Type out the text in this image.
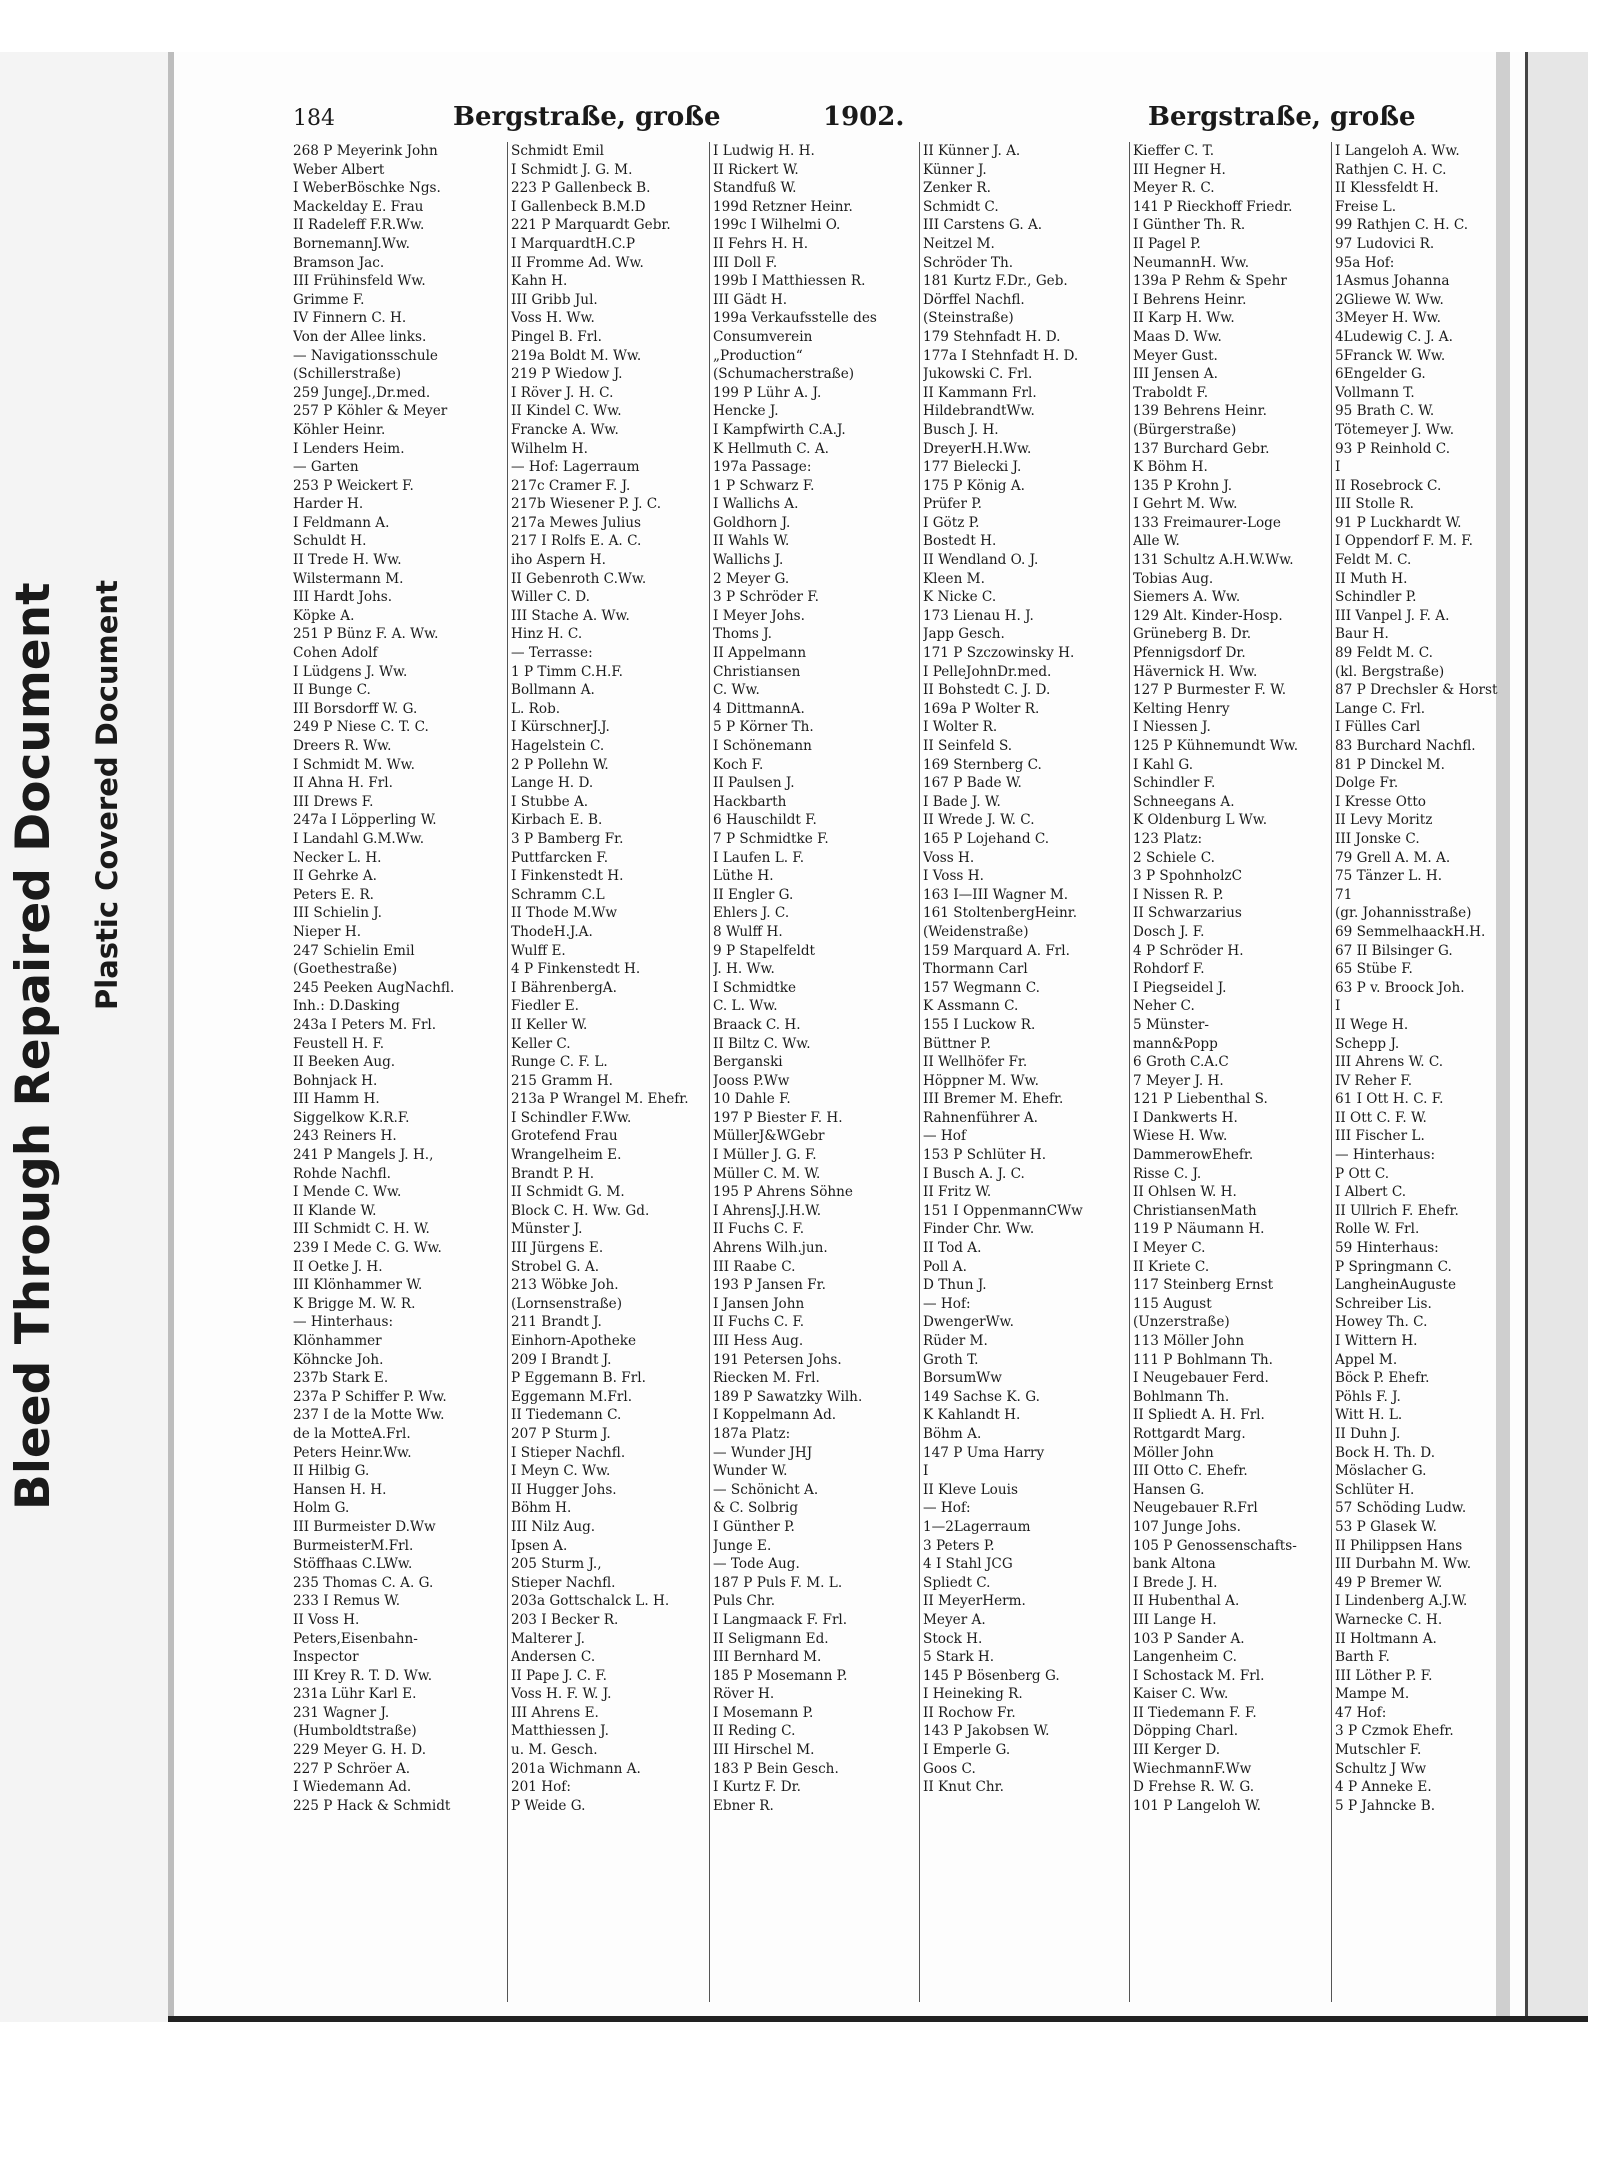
Bleed Through Repaired Document Plastic Covered Document
184	Bergstraße, große	1902.	Bergstraße, große
268 P Meyerink John
Weber Albert
I WeberBöschke Ngs.
Mackelday E. Frau
II Radeleff F.R.Ww.
BornemannJ.Ww.
Bramson Jac.
III Frühinsfeld Ww.
Grimme F.
IV Finnern C. H.
Von der Allee links.
— Navigationsschule
(Schillerstraße)
259 JungeJ.,Dr.med.
257 P Köhler & Meyer
Köhler Heinr.
I Lenders Heim.
— Garten
253 P Weickert F.
Harder H.
I Feldmann A.
Schuldt H.
II Trede H. Ww.
Wilstermann M.
III Hardt Johs.
Köpke A.
251 P Bünz F. A. Ww.
Cohen Adolf
I Lüdgens J. Ww.
II Bunge C.
III Borsdorff W. G.
249 P Niese C. T. C.
Dreers R. Ww.
I Schmidt M. Ww.
II Ahna H. Frl.
III Drews F.
247a I Löpperling W.
I Landahl G.M.Ww.
Necker L. H.
II Gehrke A.
Peters E. R.
III Schielin J.
Nieper H.
247 Schielin Emil
(Goethestraße)
245 Peeken AugNachfl.
Inh.: D.Dasking
243a I Peters M. Frl.
Feustell H. F.
II Beeken Aug.
Bohnjack H.
III Hamm H.
Siggelkow K.R.F.
243 Reiners H.
241 P Mangels J. H.,
Rohde Nachfl.
I Mende C. Ww.
II Klande W.
III Schmidt C. H. W.
239 I Mede C. G. Ww.
II Oetke J. H.
III Klönhammer W.
K Brigge M. W. R.
— Hinterhaus:
Klönhammer
Köhncke Joh.
237b Stark E.
237a P Schiffer P. Ww.
237 I de la Motte Ww.
de la MotteA.Frl.
Peters Heinr.Ww.
II Hilbig G.
Hansen H. H.
Holm G.
III Burmeister D.Ww
BurmeisterM.Frl.
Stöffhaas C.LWw.
235 Thomas C. A. G.
233 I Remus W.
II Voss H.
Peters,Eisenbahn-
Inspector
III Krey R. T. D. Ww.
231a Lühr Karl E.
231 Wagner J.
(Humboldtstraße)
229 Meyer G. H. D.
227 P Schröer A.
I Wiedemann Ad.
225 P Hack & Schmidt
Schmidt Emil
I Schmidt J. G. M.
223 P Gallenbeck B.
I Gallenbeck B.M.D
221 P Marquardt Gebr.
I MarquardtH.C.P
II Fromme Ad. Ww.
Kahn H.
III Gribb Jul.
Voss H. Ww.
Pingel B. Frl.
219a Boldt M. Ww.
219 P Wiedow J.
I Röver J. H. C.
II Kindel C. Ww.
Francke A. Ww.
Wilhelm H.
— Hof: Lagerraum
217c Cramer F. J.
217b Wiesener P. J. C.
217a Mewes Julius
217 I Rolfs E. A. C.
iho Aspern H.
II Gebenroth C.Ww.
Willer C. D.
III Stache A. Ww.
Hinz H. C.
— Terrasse:
1 P Timm C.H.F.
Bollmann A.
L. Rob.
I KürschnerJ.J.
Hagelstein C.
2 P Pollehn W.
Lange H. D.
I Stubbe A.
Kirbach E. B.
3 P Bamberg Fr.
Puttfarcken F.
I Finkenstedt H.
Schramm C.L
II Thode M.Ww
ThodeH.J.A.
Wulff E.
4 P Finkenstedt H.
I BährenbergA.
Fiedler E.
II Keller W.
Keller C.
Runge C. F. L.
215 Gramm H.
213a P Wrangel M. Ehefr.
I Schindler F.Ww.
Grotefend Frau
Wrangelheim E.
Brandt P. H.
II Schmidt G. M.
Block C. H. Ww. Gd.
Münster J.
III Jürgens E.
Strobel G. A.
213 Wöbke Joh.
(Lornsenstraße)
211 Brandt J.
Einhorn-Apotheke
209 I Brandt J.
P Eggemann B. Frl.
Eggemann M.Frl.
II Tiedemann C.
207 P Sturm J.
I Stieper Nachfl.
I Meyn C. Ww.
II Hugger Johs.
Böhm H.
III Nilz Aug.
Ipsen A.
205 Sturm J.,
Stieper Nachfl.
203a Gottschalck L. H.
203 I Becker R.
Malterer J.
Andersen C.
II Pape J. C. F.
Voss H. F. W. J.
III Ahrens E.
Matthiessen J.
u. M. Gesch.
201a Wichmann A.
201 Hof:
P Weide G.
I Ludwig H. H.
II Rickert W.
Standfuß W.
199d Retzner Heinr.
199c I Wilhelmi O.
II Fehrs H. H.
III Doll F.
199b I Matthiessen R.
III Gädt H.
199a Verkaufsstelle des
Consumverein
„Production“
(Schumacherstraße)
199 P Lühr A. J.
Hencke J.
I Kampfwirth C.A.J.
K Hellmuth C. A.
197a Passage:
1 P Schwarz F.
I Wallichs A.
Goldhorn J.
II Wahls W.
Wallichs J.
2 Meyer G.
3 P Schröder F.
I Meyer Johs.
Thoms J.
II Appelmann
Christiansen
C. Ww.
4 DittmannA.
5 P Körner Th.
I Schönemann
Koch F.
II Paulsen J.
Hackbarth
6 Hauschildt F.
7 P Schmidtke F.
I Laufen L. F.
Lüthe H.
II Engler G.
Ehlers J. C.
8 Wulff H.
9 P Stapelfeldt
J. H. Ww.
I Schmidtke
C. L. Ww.
Braack C. H.
II Biltz C. Ww.
Berganski
Jooss P.Ww
10 Dahle F.
197 P Biester F. H.
MüllerJ&WGebr
I Müller J. G. F.
Müller C. M. W.
195 P Ahrens Söhne
I AhrensJ.J.H.W.
II Fuchs C. F.
Ahrens Wilh.jun.
III Raabe C.
193 P Jansen Fr.
I Jansen John
II Fuchs C. F.
III Hess Aug.
191 Petersen Johs.
Riecken M. Frl.
189 P Sawatzky Wilh.
I Koppelmann Ad.
187a Platz:
— Wunder JHJ
Wunder W.
— Schönicht A.
& C. Solbrig
I Günther P.
Junge E.
— Tode Aug.
187 P Puls F. M. L.
Puls Chr.
I Langmaack F. Frl.
II Seligmann Ed.
III Bernhard M.
185 P Mosemann P.
Röver H.
I Mosemann P.
II Reding C.
III Hirschel M.
183 P Bein Gesch.
I Kurtz F. Dr.
Ebner R.
II Künner J. A.
Künner J.
Zenker R.
Schmidt C.
III Carstens G. A.
Neitzel M.
Schröder Th.
181 Kurtz F.Dr., Geb.
Dörffel Nachfl.
(Steinstraße)
179 Stehnfadt H. D.
177a I Stehnfadt H. D.
Jukowski C. Frl.
II Kammann Frl.
HildebrandtWw.
Busch J. H.
DreyerH.H.Ww.
177 Bielecki J.
175 P König A.
Prüfer P.
I Götz P.
Bostedt H.
II Wendland O. J.
Kleen M.
K Nicke C.
173 Lienau H. J.
Japp Gesch.
171 P Szczowinsky H.
I PelleJohnDr.med.
II Bohstedt C. J. D.
169a P Wolter R.
I Wolter R.
II Seinfeld S.
169 Sternberg C.
167 P Bade W.
I Bade J. W.
II Wrede J. W. C.
165 P Lojehand C.
Voss H.
I Voss H.
163 I—III Wagner M.
161 StoltenbergHeinr.
(Weidenstraße)
159 Marquard A. Frl.
Thormann Carl
157 Wegmann C.
K Assmann C.
155 I Luckow R.
Büttner P.
II Wellhöfer Fr.
Höppner M. Ww.
III Bremer M. Ehefr.
Rahnenführer A.
— Hof
153 P Schlüter H.
I Busch A. J. C.
II Fritz W.
151 I OppenmannCWw
Finder Chr. Ww.
II Tod A.
Poll A.
D Thun J.
— Hof:
DwengerWw.
Rüder M.
Groth T.
BorsumWw
149 Sachse K. G.
K Kahlandt H.
Böhm A.
147 P Uma Harry
I
II Kleve Louis
— Hof:
1—2Lagerraum
3 Peters P.
4 I Stahl JCG
Spliedt C.
II MeyerHerm.
Meyer A.
Stock H.
5 Stark H.
145 P Bösenberg G.
I Heineking R.
II Rochow Fr.
143 P Jakobsen W.
I Emperle G.
Goos C.
II Knut Chr.
Kieffer C. T.
III Hegner H.
Meyer R. C.
141 P Rieckhoff Friedr.
I Günther Th. R.
II Pagel P.
NeumannH. Ww.
139a P Rehm & Spehr
I Behrens Heinr.
II Karp H. Ww.
Maas D. Ww.
Meyer Gust.
III Jensen A.
Traboldt F.
139 Behrens Heinr.
(Bürgerstraße)
137 Burchard Gebr.
K Böhm H.
135 P Krohn J.
I Gehrt M. Ww.
133 Freimaurer-Loge
Alle W.
131 Schultz A.H.W.Ww.
Tobias Aug.
Siemers A. Ww.
129 Alt. Kinder-Hosp.
Grüneberg B. Dr.
Pfennigsdorf Dr.
Hävernick H. Ww.
127 P Burmester F. W.
Kelting Henry
I Niessen J.
125 P Kühnemundt Ww.
I Kahl G.
Schindler F.
Schneegans A.
K Oldenburg L Ww.
123 Platz:
2 Schiele C.
3 P SpohnholzC
I Nissen R. P.
II Schwarzarius
Dosch J. F.
4 P Schröder H.
Rohdorf F.
I Piegseidel J.
Neher C.
5 Münster-
mann&Popp
6 Groth C.A.C
7 Meyer J. H.
121 P Liebenthal S.
I Dankwerts H.
Wiese H. Ww.
DammerowEhefr.
Risse C. J.
II Ohlsen W. H.
ChristiansenMath
119 P Näumann H.
I Meyer C.
II Kriete C.
117 Steinberg Ernst
115 August
(Unzerstraße)
113 Möller John
111 P Bohlmann Th.
I Neugebauer Ferd.
Bohlmann Th.
II Spliedt A. H. Frl.
Rottgardt Marg.
Möller John
III Otto C. Ehefr.
Hansen G.
Neugebauer R.Frl
107 Junge Johs.
105 P Genossenschafts-
bank Altona
I Brede J. H.
II Hubenthal A.
III Lange H.
103 P Sander A.
Langenheim C.
I Schostack M. Frl.
Kaiser C. Ww.
II Tiedemann F. F.
Döpping Charl.
III Kerger D.
WiechmannF.Ww
D Frehse R. W. G.
101 P Langeloh W.
I Langeloh A. Ww.
Rathjen C. H. C.
II Klessfeldt H.
Freise L.
99 Rathjen C. H. C.
97 Ludovici R.
95a Hof:
1Asmus Johanna
2Gliewe W. Ww.
3Meyer H. Ww.
4Ludewig C. J. A.
5Franck W. Ww.
6Engelder G.
Vollmann T.
95 Brath C. W.
Tötemeyer J. Ww.
93 P Reinhold C.
I
II Rosebrock C.
III Stolle R.
91 P Luckhardt W.
I Oppendorf F. M. F.
Feldt M. C.
II Muth H.
Schindler P.
III Vanpel J. F. A.
Baur H.
89 Feldt M. C.
(kl. Bergstraße)
87 P Drechsler & Horst
Lange C. Frl.
I Fülles Carl
83 Burchard Nachfl.
81 P Dinckel M.
Dolge Fr.
I Kresse Otto
II Levy Moritz
III Jonske C.
79 Grell A. M. A.
75 Tänzer L. H.
71
(gr. Johannisstraße)
69 SemmelhaackH.H.
67 II Bilsinger G.
65 Stübe F.
63 P v. Broock Joh.
I
II Wege H.
Schepp J.
III Ahrens W. C.
IV Reher F.
61 I Ott H. C. F.
II Ott C. F. W.
III Fischer L.
— Hinterhaus:
P Ott C.
I Albert C.
II Ullrich F. Ehefr.
Rolle W. Frl.
59 Hinterhaus:
P Springmann C.
LangheinAuguste
Schreiber Lis.
Howey Th. C.
I Wittern H.
Appel M.
Böck P. Ehefr.
Pöhls F. J.
Witt H. L.
II Duhn J.
Bock H. Th. D.
Möslacher G.
Schlüter H.
57 Schöding Ludw.
53 P Glasek W.
II Philippsen Hans
III Durbahn M. Ww.
49 P Bremer W.
I Lindenberg A.J.W.
Warnecke C. H.
II Holtmann A.
Barth F.
III Löther P. F.
Mampe M.
47 Hof:
3 P Czmok Ehefr.
Mutschler F.
Schultz J Ww
4 P Anneke E.
5 P Jahncke B.
